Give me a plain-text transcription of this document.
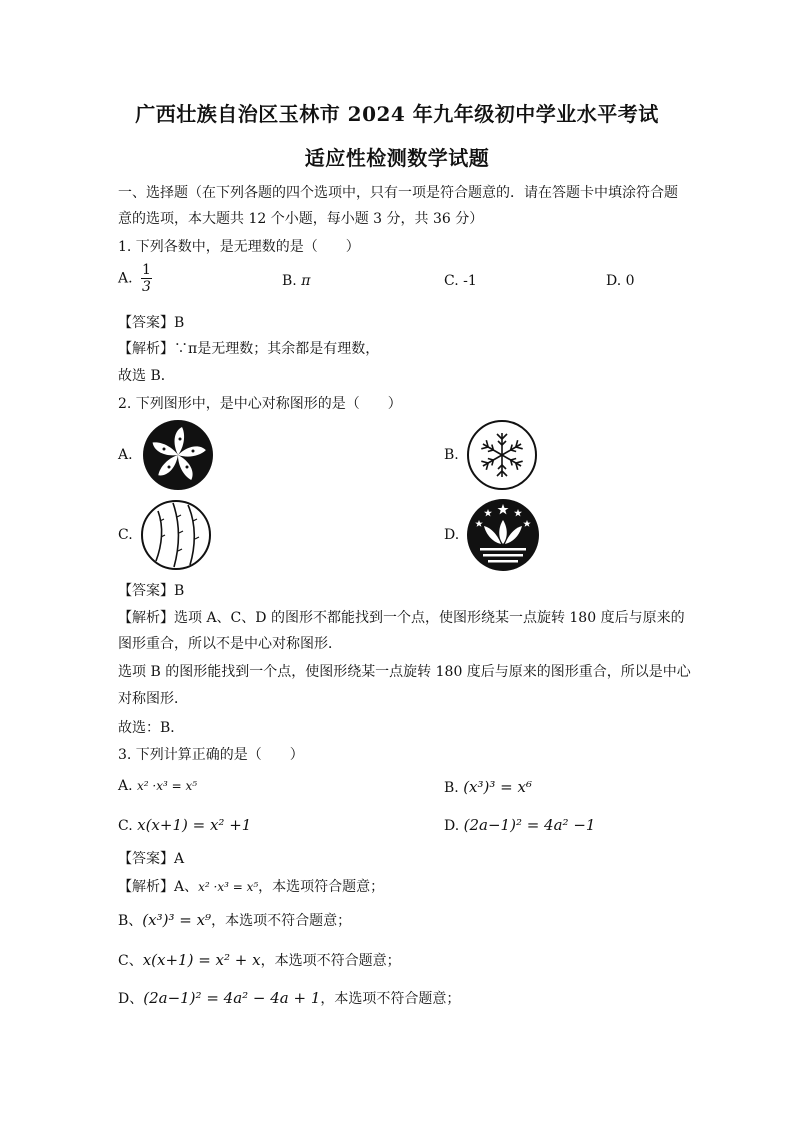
广西壮族自治区玉林市 2024 年九年级初中学业水平考试
适应性检测数学试题
一、选择题（在下列各题的四个选项中，只有一项是符合题意的．请在答题卡中填涂符合题
意的选项，本大题共 12 个小题，每小题 3 分，共 36 分）
1. 下列各数中，是无理数的是（　　）
A. $\frac{1}{3}$	B. π	C. -1	D. 0
【答案】B
【解析】∵π是无理数；其余都是有理数，
故选 B．
2. 下列图形中，是中心对称图形的是（　　）
A.	B.
C.	D.
【答案】B
【解析】选项 A、C、D 的图形不都能找到一个点，使图形绕某一点旋转 180 度后与原来的
图形重合，所以不是中心对称图形．
选项 B 的图形能找到一个点，使图形绕某一点旋转 180 度后与原来的图形重合，所以是中心
对称图形．
故选：B．
3. 下列计算正确的是（　　）
A. x² ·x³ = x⁵	B. (x³)³ = x⁶
C. x(x+1) = x² +1	D. (2a−1)² = 4a² −1
【答案】A
【解析】A、x² ·x³ = x⁵，本选项符合题意；
B、(x³)³ = x⁹，本选项不符合题意；
C、x(x+1) = x² + x，本选项不符合题意；
D、(2a−1)² = 4a² − 4a + 1，本选项不符合题意；
